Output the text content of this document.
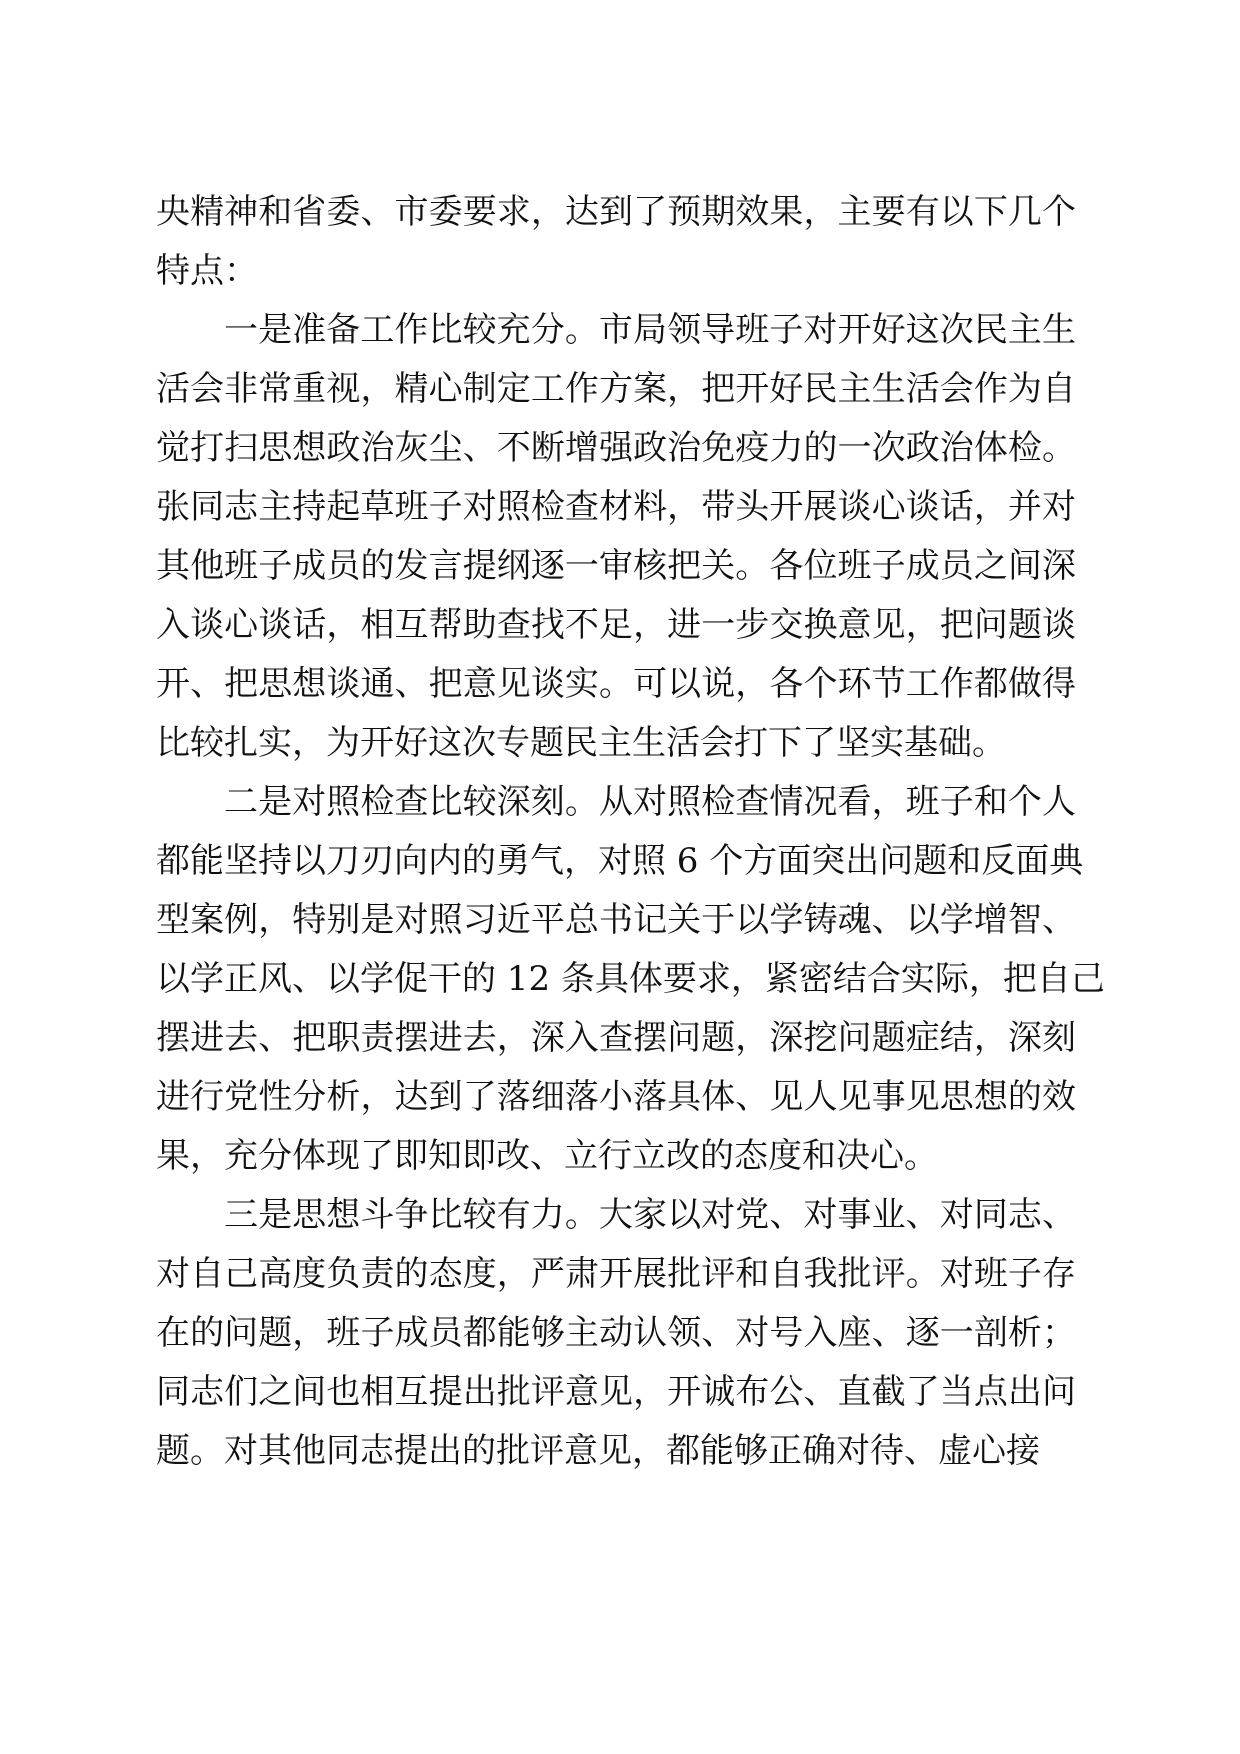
央精神和省委、市委要求，达到了预期效果，主要有以下几个
特点：
一是准备工作比较充分。市局领导班子对开好这次民主生
活会非常重视，精心制定工作方案，把开好民主生活会作为自
觉打扫思想政治灰尘、不断增强政治免疫力的一次政治体检。
张同志主持起草班子对照检查材料，带头开展谈心谈话，并对
其他班子成员的发言提纲逐一审核把关。各位班子成员之间深
入谈心谈话，相互帮助查找不足，进一步交换意见，把问题谈
开、把思想谈通、把意见谈实。可以说，各个环节工作都做得
比较扎实，为开好这次专题民主生活会打下了坚实基础。
二是对照检查比较深刻。从对照检查情况看，班子和个人
都能坚持以刀刃向内的勇气，对照 6 个方面突出问题和反面典
型案例，特别是对照习近平总书记关于以学铸魂、以学增智、
以学正风、以学促干的 12 条具体要求，紧密结合实际，把自己
摆进去、把职责摆进去，深入查摆问题，深挖问题症结，深刻
进行党性分析，达到了落细落小落具体、见人见事见思想的效
果，充分体现了即知即改、立行立改的态度和决心。
三是思想斗争比较有力。大家以对党、对事业、对同志、
对自己高度负责的态度，严肃开展批评和自我批评。对班子存
在的问题，班子成员都能够主动认领、对号入座、逐一剖析；
同志们之间也相互提出批评意见，开诚布公、直截了当点出问
题。对其他同志提出的批评意见，都能够正确对待、虚心接
